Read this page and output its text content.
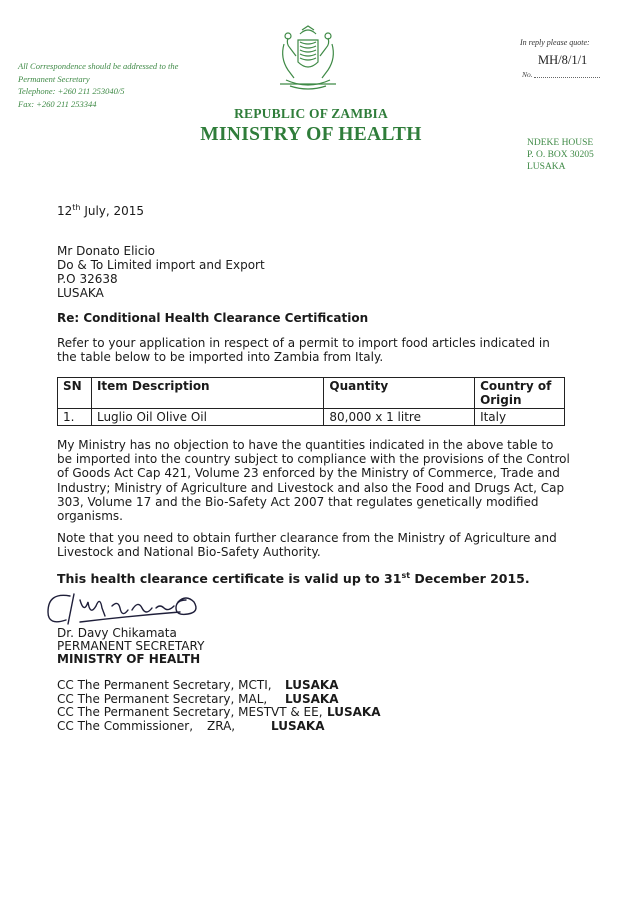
All Correspondence should be addressed to the
Permanent Secretary
Telephone: +260 211 253040/5
Fax: +260 211 253344
REPUBLIC OF ZAMBIA
MINISTRY OF HEALTH
In reply please quote:
MH/8/1/1
No.
NDEKE HOUSE
P. O. BOX 30205
LUSAKA
12th July, 2015
Mr Donato Elicio
Do & To Limited import and Export
P.O 32638
LUSAKA
Re: Conditional Health Clearance Certification
Refer to your application in respect of a permit to import food articles indicated in the table below to be imported into Zambia from Italy.
SN	Item Description	Quantity	Country of Origin
1.	Luglio Oil Olive Oil	80,000 x 1 litre	Italy
My Ministry has no objection to have the quantities indicated in the above table to be imported into the country subject to compliance with the provisions of the Control of Goods Act Cap 421, Volume 23 enforced by the Ministry of Commerce, Trade and Industry; Ministry of Agriculture and Livestock and also the Food and Drugs Act, Cap 303, Volume 17 and the Bio-Safety Act 2007 that regulates genetically modified organisms.
Note that you need to obtain further clearance from the Ministry of Agriculture and Livestock and National Bio-Safety Authority.
This health clearance certificate is valid up to 31st December 2015.
Dr. Davy Chikamata
PERMANENT SECRETARY
MINISTRY OF HEALTH
CC The Permanent Secretary, MCTI, LUSAKA
CC The Permanent Secretary, MAL, LUSAKA
CC The Permanent Secretary, MESTVT & EE, LUSAKA
CC The Commissioner, ZRA,	LUSAKA
